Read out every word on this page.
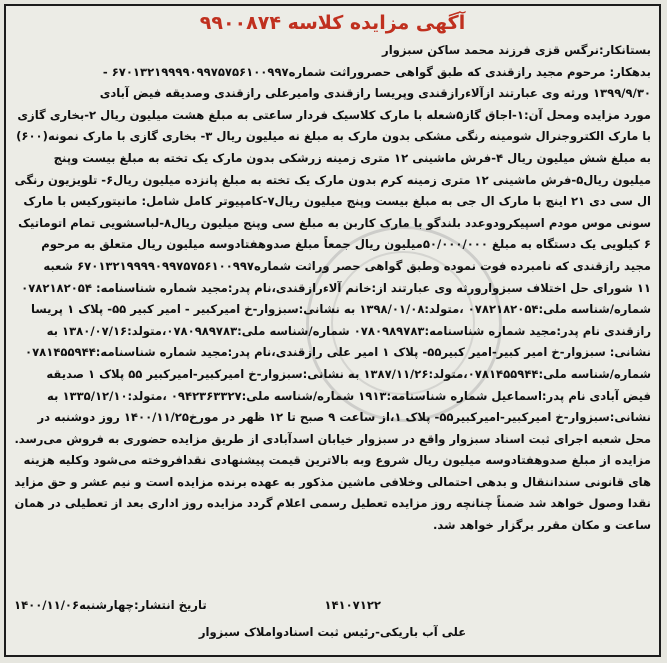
آگهی مزایده کلاسه ۹۹۰۰۸۷۴
بستانکار:نرگس قزی فرزند محمد ساکن سبزوار
بدهکار: مرحوم مجید رازقندی که طبق گواهی حصروراثت شماره۶۷۰۱۳۲۱۹۹۹۹۰۹۹۷۵۷۵۶۱۰۰۹۹۷ -
۱۳۹۹/۹/۳۰ ورثه وی عبارتند ازآلاءرازقندی وپریسا رازقندی وامیرعلی رازقندی وصدیقه فیض آبادی
مورد مزایده ومحل آن:۱-اجاق گاز۵شعله با مارک کلاسیک فردار ساعتی به مبلغ هشت میلیون ریال ۲-بخاری گازی
با مارک الکتروجنرال شومینه رنگی مشکی بدون مارک به مبلغ نه میلیون ریال ۳- بخاری گازی با مارک نمونه(۶۰۰)
به مبلغ شش میلیون ریال ۴-فرش ماشینی ۱۲ متری زمینه زرشکی بدون مارک یک تخته به مبلغ بیست وپنج
میلیون ریال۵-فرش ماشینی ۱۲ متری زمینه کرم بدون مارک یک تخته به مبلغ پانزده میلیون ریال۶- تلویزیون رنگی
ال سی دی ۲۱ اینچ با مارک ال جی به مبلغ بیست وپنج میلیون ریال۷-کامپیوتر کامل شامل: مانیتورکیس با مارک
سونی موس مودم اسپیکرودوعدد بلندگو با مارک کاربن به مبلغ سی وپنج میلیون ریال۸-لباسشویی تمام اتوماتیک
۶ کیلویی یک دستگاه به مبلغ ۵۰/۰۰۰/۰۰۰میلیون ریال جمعاً مبلغ صدوهفتادوسه میلیون ریال متعلق به مرحوم
مجید رازقندی که نامبرده فوت نموده وطبق گواهی حصر وراثت شماره۶۷۰۱۳۲۱۹۹۹۹۰۹۹۷۵۷۵۶۱۰۰۹۹۷ شعبه
۱۱ شورای حل اختلاف سبزوارورثه وی عبارتند از:خانم آلاءرازقندی،نام پدر:مجید شماره شناسنامه: ۰۷۸۲۱۸۲۰۵۴
شماره/شناسه ملی:۰۷۸۲۱۸۲۰۵۴ ،متولد:۱۳۹۸/۰۱/۰۸ به نشانی:سبزوار-خ امیرکبیر - امیر کبیر ۵۵- پلاک ۱ پریسا
رازقندی نام پدر:مجید شماره شناسنامه:۰۷۸۰۹۸۹۷۸۳ شماره/شناسه ملی:۰۷۸۰۹۸۹۷۸۳،متولد:۱۳۸۰/۰۷/۱۶ به
نشانی: سبزوار-خ امیر کبیر-امیر کبیر۵۵- پلاک ۱ امیر علی رازقندی،نام پدر:مجید شماره شناسنامه:۰۷۸۱۴۵۵۹۴۴
شماره/شناسه ملی:۰۷۸۱۴۵۵۹۴۴،متولد:۱۳۸۷/۱۱/۲۶ به نشانی:سبزوار-خ امیرکبیر-امیرکبیر ۵۵ پلاک ۱ صدیقه
فیض آبادی نام پدر:اسماعیل شماره شناسنامه:۱۹۱۳ شماره/شناسه ملی:۰۹۴۲۳۶۳۳۲۷ ،متولد:۱۳۳۵/۱۲/۱۰ به
نشانی:سبزوار-خ امیرکبیر-امیرکبیر۵۵- پلاک ۱،از ساعت ۹ صبح تا ۱۲ ظهر در مورخ۱۴۰۰/۱۱/۲۵ روز دوشنبه در
محل شعبه اجرای ثبت اسناد سبزوار واقع در سبزوار خیابان اسدآبادی از طریق مزایده حضوری به فروش می‌رسد.
مزایده از مبلغ صدوهفتادوسه میلیون ریال شروع وبه بالاترین قیمت پیشنهادی نقدافروخته می‌شود وکلیه هزینه
های قانونی سنداننقال و بدهی احتمالی وخلافی ماشین مذکور به عهده برنده مزایده است و نیم عشر و حق مزاید
نقدا وصول خواهد شد ضمناً چنانچه روز مزایده تعطیل رسمی اعلام گردد مزایده روز اداری بعد از تعطیلی در همان
ساعت و مکان مقرر برگزار خواهد شد.
۱۴۱۰۷۱۲۲
تاریخ انتشار:چهارشنبه۱۴۰۰/۱۱/۰۶
علی آب باریکی-رئیس ثبت اسنادواملاک سبزوار
